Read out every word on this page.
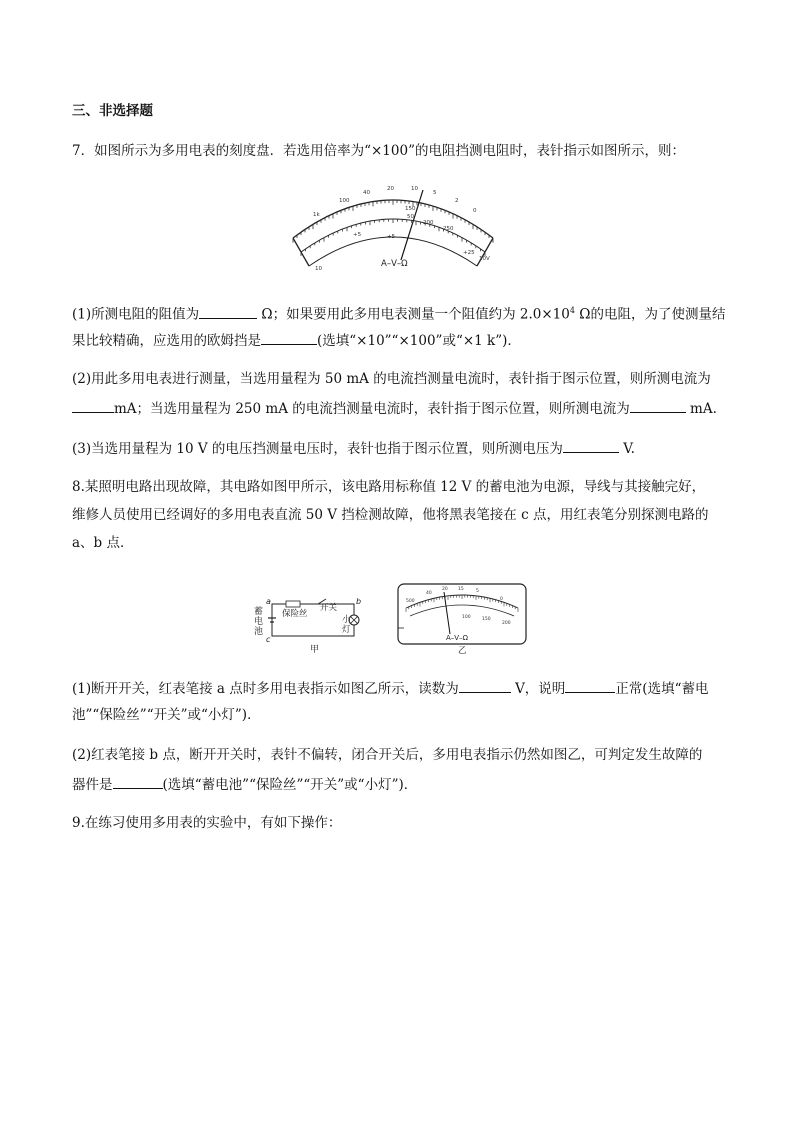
三、非选择题
7．如图所示为多用电表的刻度盘．若选用倍率为“×100”的电阻挡测电阻时，表针指示如图所示，则：
1k
100
40
20	10
5
2
0
150
50
200
250
+5	+5
+25
10V
10	A–V–Ω
(1)所测电阻的阻值为	Ω；如果要用此多用电表测量一个阻值约为 $2.0\times 10^4$ Ω的电阻，为了使测量结
果比较精确，应选用的欧姆挡是	(选填“×10”“×100”或“×1 k”)．
(2)用此多用电表进行测量，当选用量程为 50 mA 的电流挡测量电流时，表针指于图示位置，则所测电流为
mA；当选用量程为 250 mA 的电流挡测量电流时，表针指于图示位置，则所测电流为	mA.
(3)当选用量程为 10 V 的电压挡测量电压时，表针也指于图示位置，则所测电压为	V.
8.某照明电路出现故障，其电路如图甲所示，该电路用标称值 12 V 的蓄电池为电源，导线与其接触完好，
维修人员使用已经调好的多用电表直流 50 V 挡检测故障，他将黑表笔接在 c 点，用红表笔分别探测电路的
a、b 点．
蓄
电
池
保险丝
开关
小
灯
a	b
c
甲
500
40
20 15	5
0
100	150
200
A–V–Ω
乙
(1)断开开关，红表笔接 a 点时多用电表指示如图乙所示，读数为	V，说明	正常(选填“蓄电
池”“保险丝”“开关”或“小灯”)．
(2)红表笔接 b 点，断开开关时，表针不偏转，闭合开关后，多用电表指示仍然如图乙，可判定发生故障的
器件是	(选填“蓄电池”“保险丝”“开关”或“小灯”)．
9.在练习使用多用表的实验中，有如下操作：
